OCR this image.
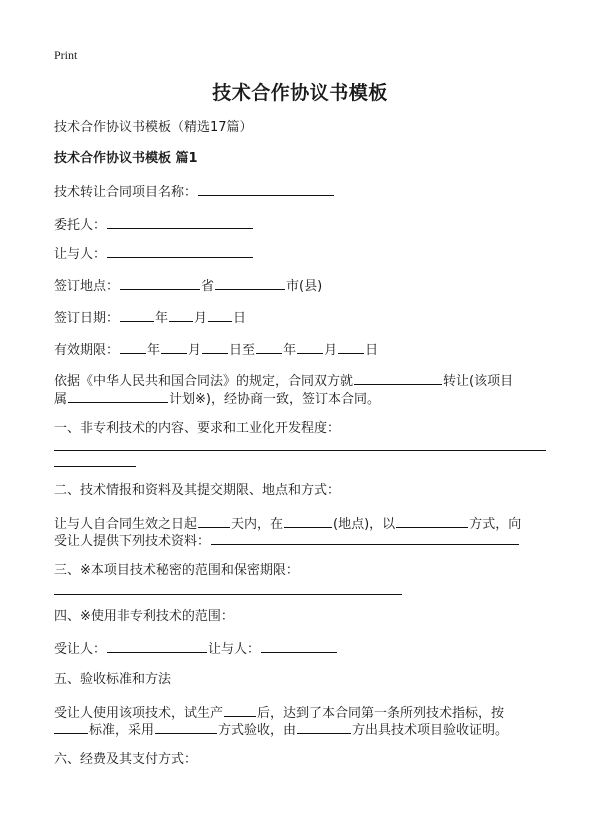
Print
技术合作协议书模板
技术合作协议书模板（精选17篇）
技术合作协议书模板 篇1
技术转让合同项目名称：
委托人：
让与人：
签订地点：	省	市(县)
签订日期：	年 月 日
有效期限： 年 月 日至 年 月 日
依据《中华人民共和国合同法》的规定，合同双方就	转让(该项目
属	计划※)，经协商一致，签订本合同。
一、非专利技术的内容、要求和工业化开发程度：
二、技术情报和资料及其提交期限、地点和方式：
让与人自合同生效之日起	天内，在	(地点)，以	方式，向
受让人提供下列技术资料：
三、※本项目技术秘密的范围和保密期限：
四、※使用非专利技术的范围：
受让人：	让与人：
五、验收标准和方法
受让人使用该项技术，试生产	后，达到了本合同第一条所列技术指标，按
标准，采用	方式验收，由	方出具技术项目验收证明。
六、经费及其支付方式：
